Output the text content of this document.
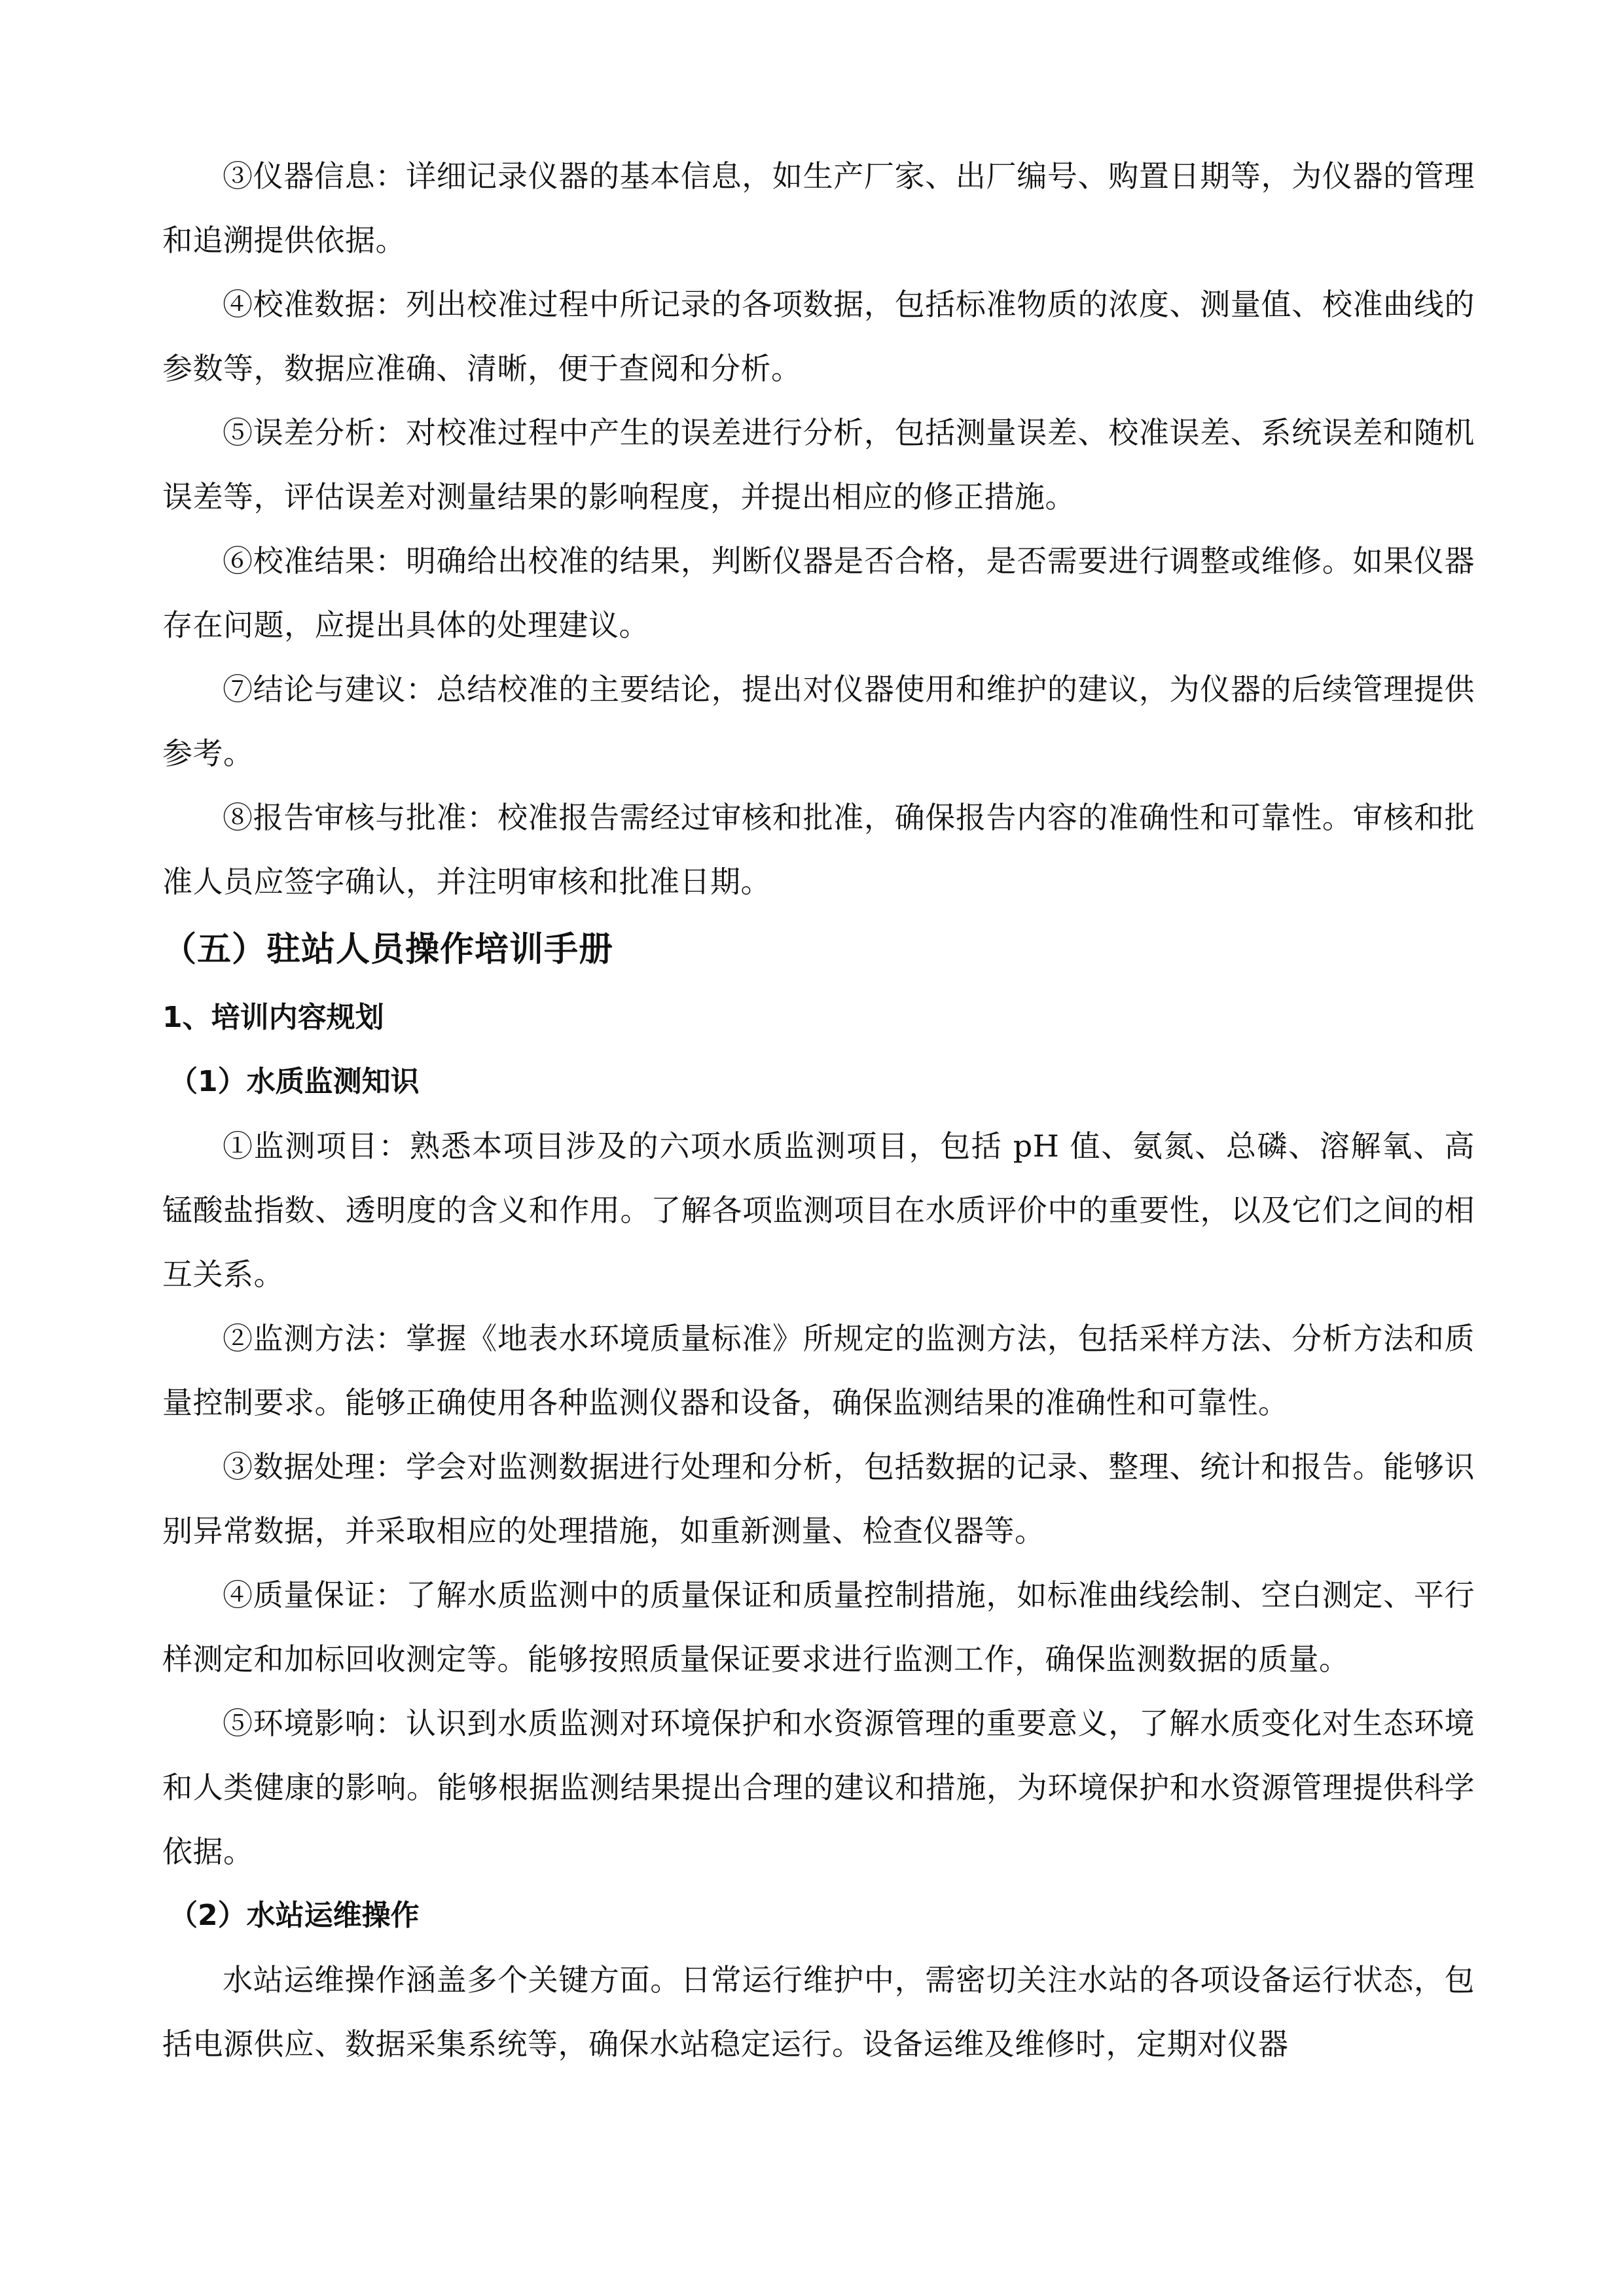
③仪器信息：详细记录仪器的基本信息，如生产厂家、出厂编号、购置日期等，为仪器的管理和追溯提供依据。

④校准数据：列出校准过程中所记录的各项数据，包括标准物质的浓度、测量值、校准曲线的参数等，数据应准确、清晰，便于查阅和分析。

⑤误差分析：对校准过程中产生的误差进行分析，包括测量误差、校准误差、系统误差和随机误差等，评估误差对测量结果的影响程度，并提出相应的修正措施。

⑥校准结果：明确给出校准的结果，判断仪器是否合格，是否需要进行调整或维修。如果仪器存在问题，应提出具体的处理建议。

⑦结论与建议：总结校准的主要结论，提出对仪器使用和维护的建议，为仪器的后续管理提供参考。

⑧报告审核与批准：校准报告需经过审核和批准，确保报告内容的准确性和可靠性。审核和批准人员应签字确认，并注明审核和批准日期。

（五）驻站人员操作培训手册
1、培训内容规划
（1）水质监测知识

①监测项目：熟悉本项目涉及的六项水质监测项目，包括 pH 值、氨氮、总磷、溶解氧、高锰酸盐指数、透明度的含义和作用。了解各项监测项目在水质评价中的重要性，以及它们之间的相互关系。

②监测方法：掌握《地表水环境质量标准》所规定的监测方法，包括采样方法、分析方法和质量控制要求。能够正确使用各种监测仪器和设备，确保监测结果的准确性和可靠性。

③数据处理：学会对监测数据进行处理和分析，包括数据的记录、整理、统计和报告。能够识别异常数据，并采取相应的处理措施，如重新测量、检查仪器等。

④质量保证：了解水质监测中的质量保证和质量控制措施，如标准曲线绘制、空白测定、平行样测定和加标回收测定等。能够按照质量保证要求进行监测工作，确保监测数据的质量。

⑤环境影响：认识到水质监测对环境保护和水资源管理的重要意义，了解水质变化对生态环境和人类健康的影响。能够根据监测结果提出合理的建议和措施，为环境保护和水资源管理提供科学依据。

（2）水站运维操作

水站运维操作涵盖多个关键方面。日常运行维护中，需密切关注水站的各项设备运行状态，包括电源供应、数据采集系统等，确保水站稳定运行。设备运维及维修时，定期对仪器
